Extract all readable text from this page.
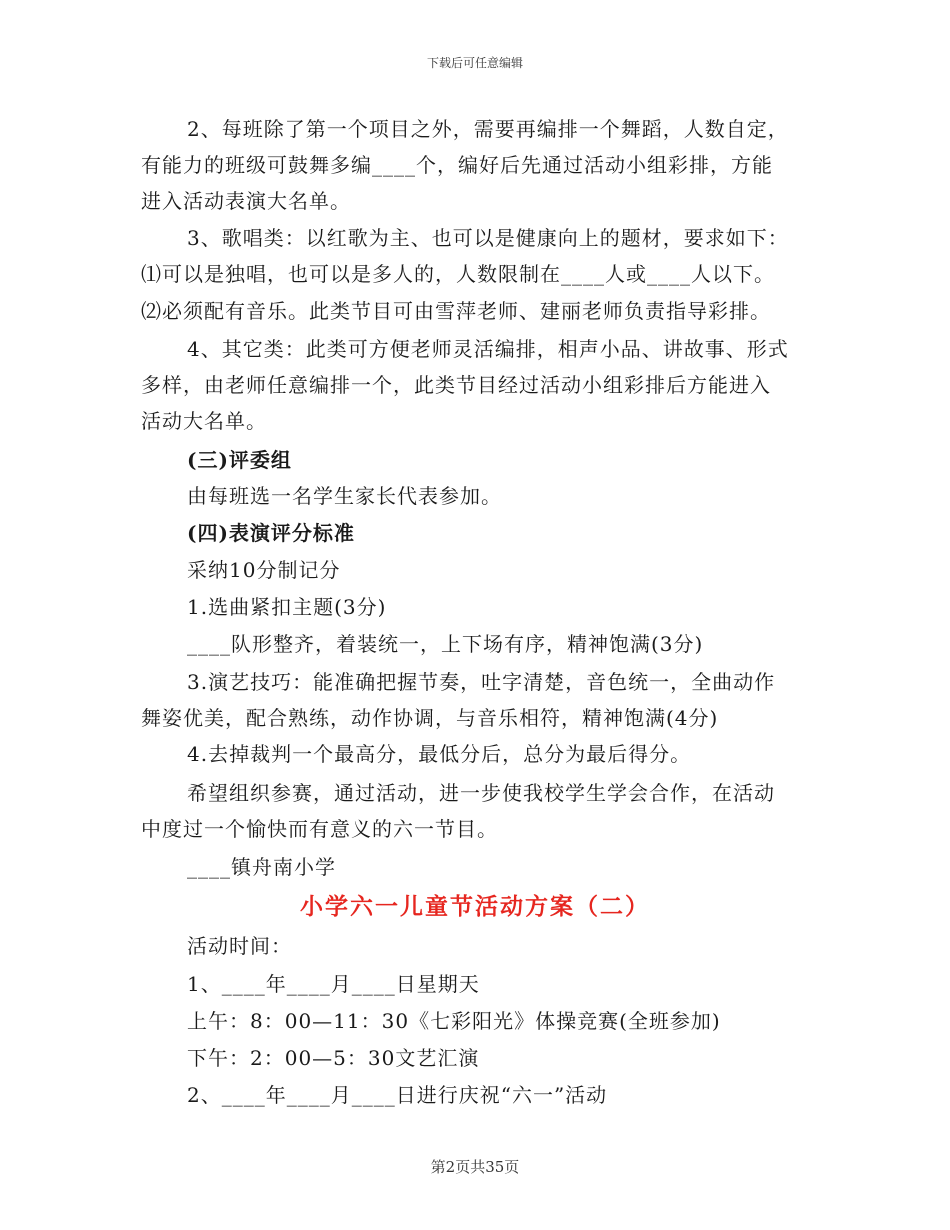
下载后可任意编辑
2、每班除了第一个项目之外，需要再编排一个舞蹈，人数自定，
有能力的班级可鼓舞多编____个，编好后先通过活动小组彩排，方能
进入活动表演大名单。
3、歌唱类：以红歌为主、也可以是健康向上的题材，要求如下：
⑴可以是独唱，也可以是多人的，人数限制在____人或____人以下。
⑵必须配有音乐。此类节目可由雪萍老师、建丽老师负责指导彩排。
4、其它类：此类可方便老师灵活编排，相声小品、讲故事、形式
多样，由老师任意编排一个，此类节目经过活动小组彩排后方能进入
活动大名单。
(三)评委组
由每班选一名学生家长代表参加。
(四)表演评分标准
采纳10分制记分
1.选曲紧扣主题(3分)
____队形整齐，着装统一，上下场有序，精神饱满(3分)
3.演艺技巧：能准确把握节奏，吐字清楚，音色统一，全曲动作
舞姿优美，配合熟练，动作协调，与音乐相符，精神饱满(4分)
4.去掉裁判一个最高分，最低分后，总分为最后得分。
希望组织参赛，通过活动，进一步使我校学生学会合作，在活动
中度过一个愉快而有意义的六一节目。
____镇舟南小学
小学六一儿童节活动方案（二）
活动时间：
1、____年____月____日星期天
上午：8：00—11：30《七彩阳光》体操竞赛(全班参加)
下午：2：00—5：30文艺汇演
2、____年____月____日进行庆祝“六一”活动
第2页共35页
